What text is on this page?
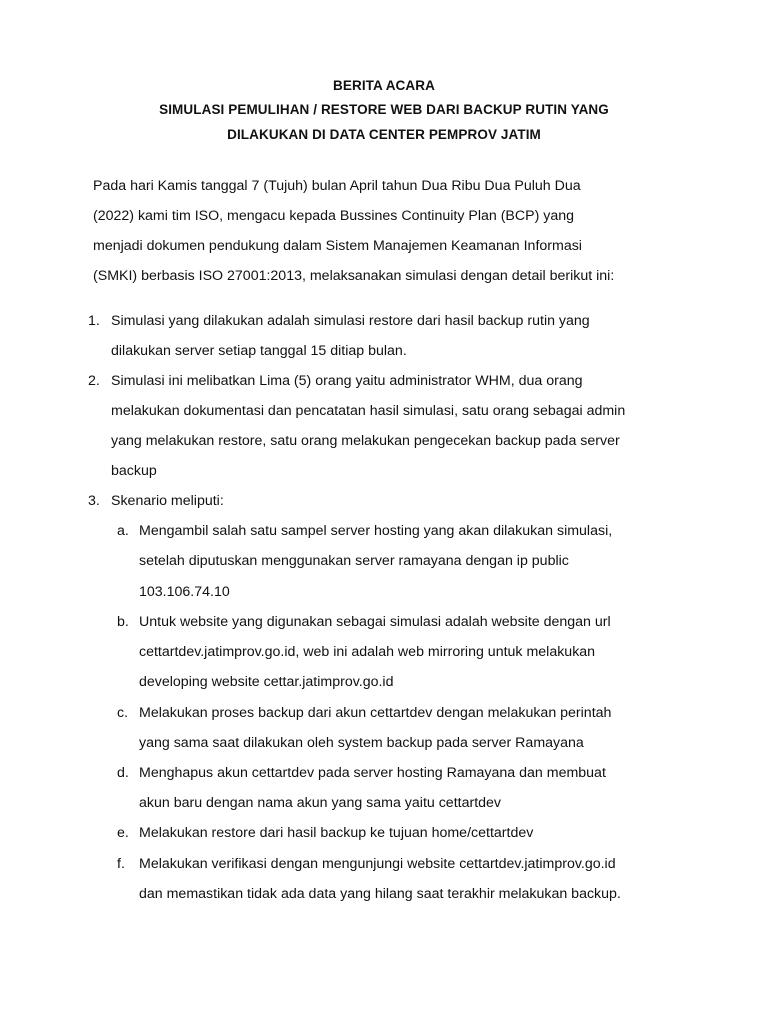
BERITA ACARA
SIMULASI PEMULIHAN / RESTORE WEB DARI BACKUP RUTIN YANG
DILAKUKAN DI DATA CENTER PEMPROV JATIM
Pada hari Kamis tanggal 7 (Tujuh) bulan April tahun Dua Ribu Dua Puluh Dua
(2022) kami tim ISO, mengacu kepada Bussines Continuity Plan (BCP) yang
menjadi dokumen pendukung dalam Sistem Manajemen Keamanan Informasi
(SMKI) berbasis ISO 27001:2013, melaksanakan simulasi dengan detail berikut ini:
1. Simulasi yang dilakukan adalah simulasi restore dari hasil backup rutin yang
dilakukan server setiap tanggal 15 ditiap bulan.
2. Simulasi ini melibatkan Lima (5) orang yaitu administrator WHM, dua orang
melakukan dokumentasi dan pencatatan hasil simulasi, satu orang sebagai admin
yang melakukan restore, satu orang melakukan pengecekan backup pada server
backup
3. Skenario meliputi:
a. Mengambil salah satu sampel server hosting yang akan dilakukan simulasi,
setelah diputuskan menggunakan server ramayana dengan ip public
103.106.74.10
b. Untuk website yang digunakan sebagai simulasi adalah website dengan url
cettartdev.jatimprov.go.id, web ini adalah web mirroring untuk melakukan
developing website cettar.jatimprov.go.id
c. Melakukan proses backup dari akun cettartdev dengan melakukan perintah
yang sama saat dilakukan oleh system backup pada server Ramayana
d. Menghapus akun cettartdev pada server hosting Ramayana dan membuat
akun baru dengan nama akun yang sama yaitu cettartdev
e. Melakukan restore dari hasil backup ke tujuan home/cettartdev
f. Melakukan verifikasi dengan mengunjungi website cettartdev.jatimprov.go.id
dan memastikan tidak ada data yang hilang saat terakhir melakukan backup.
